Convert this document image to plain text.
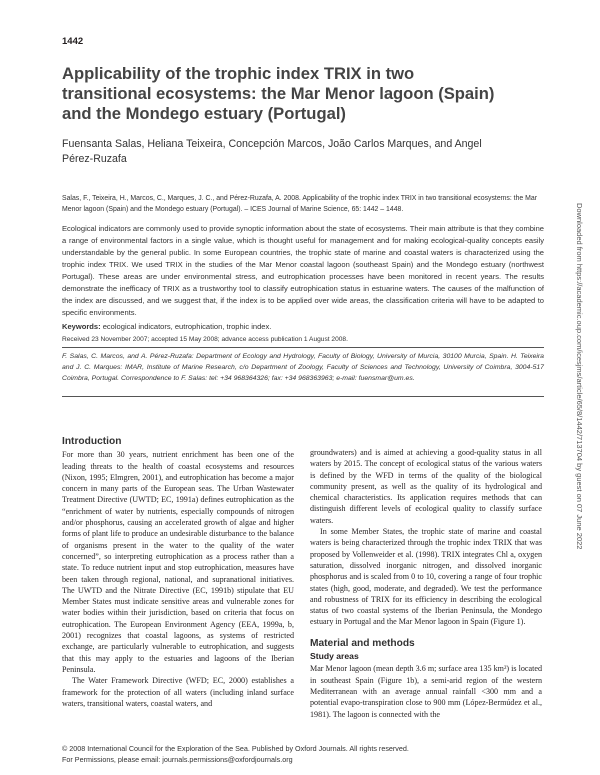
1442
Applicability of the trophic index TRIX in two transitional ecosystems: the Mar Menor lagoon (Spain) and the Mondego estuary (Portugal)
Fuensanta Salas, Heliana Teixeira, Concepción Marcos, João Carlos Marques, and Angel Pérez-Ruzafa
Salas, F., Teixeira, H., Marcos, C., Marques, J. C., and Pérez-Ruzafa, A. 2008. Applicability of the trophic index TRIX in two transitional ecosystems: the Mar Menor lagoon (Spain) and the Mondego estuary (Portugal). – ICES Journal of Marine Science, 65: 1442 – 1448.
Ecological indicators are commonly used to provide synoptic information about the state of ecosystems. Their main attribute is that they combine a range of environmental factors in a single value, which is thought useful for management and for making ecological-quality concepts easily understandable by the general public. In some European countries, the trophic state of marine and coastal waters is characterized using the trophic index TRIX. We used TRIX in the studies of the Mar Menor coastal lagoon (southeast Spain) and the Mondego estuary (northwest Portugal). These areas are under environmental stress, and eutrophication processes have been monitored in recent years. The results demonstrate the inefficacy of TRIX as a trustworthy tool to classify eutrophication status in estuarine waters. The causes of the malfunction of the index are discussed, and we suggest that, if the index is to be applied over wide areas, the classification criteria will have to be adapted to specific environments.
Keywords: ecological indicators, eutrophication, trophic index.
Received 23 November 2007; accepted 15 May 2008; advance access publication 1 August 2008.
F. Salas, C. Marcos, and A. Pérez-Ruzafa: Department of Ecology and Hydrology, Faculty of Biology, University of Murcia, 30100 Murcia, Spain. H. Teixeira and J. C. Marques: IMAR, Institute of Marine Research, c/o Department of Zoology, Faculty of Sciences and Technology, University of Coimbra, 3004-517 Coimbra, Portugal. Correspondence to F. Salas: tel: +34 968364326; fax: +34 968363963; e-mail: fuensmar@um.es.
Introduction

For more than 30 years, nutrient enrichment has been one of the leading threats to the health of coastal ecosystems and resources (Nixon, 1995; Elmgren, 2001), and eutrophication has become a major concern in many parts of the European seas. The Urban Wastewater Treatment Directive (UWTD; EC, 1991a) defines eutrophication as the “enrichment of water by nutrients, especially compounds of nitrogen and/or phosphorus, causing an accelerated growth of algae and higher forms of plant life to produce an undesirable disturbance to the balance of organisms present in the water to the quality of the water concerned”, so interpreting eutrophication as a process rather than a state. To reduce nutrient input and stop eutrophication, measures have been taken through regional, national, and supranational initiatives. The UWTD and the Nitrate Directive (EC, 1991b) stipulate that EU Member States must indicate sensitive areas and vulnerable zones for water bodies within their jurisdiction, based on criteria that focus on eutrophication. The European Environment Agency (EEA, 1999a, b, 2001) recognizes that coastal lagoons, as systems of restricted exchange, are particularly vulnerable to eutrophication, and suggests that this may apply to the estuaries and lagoons of the Iberian Peninsula.

The Water Framework Directive (WFD; EC, 2000) establishes a framework for the protection of all waters (including inland surface waters, transitional waters, coastal waters, and

groundwaters) and is aimed at achieving a good-quality status in all waters by 2015. The concept of ecological status of the various waters is defined by the WFD in terms of the quality of the biological community present, as well as the quality of its hydrological and chemical characteristics. Its application requires methods that can distinguish different levels of ecological quality to classify surface waters.

In some Member States, the trophic state of marine and coastal waters is being characterized through the trophic index TRIX that was proposed by Vollenweider et al. (1998). TRIX integrates Chl a, oxygen saturation, dissolved inorganic nitrogen, and dissolved inorganic phosphorus and is scaled from 0 to 10, covering a range of four trophic states (high, good, moderate, and degraded). We test the performance and robustness of TRIX for its efficiency in describing the ecological status of two coastal systems of the Iberian Peninsula, the Mondego estuary in Portugal and the Mar Menor lagoon in Spain (Figure 1).

Material and methods
Study areas

Mar Menor lagoon (mean depth 3.6 m; surface area 135 km²) is located in southeast Spain (Figure 1b), a semi-arid region of the western Mediterranean with an average annual rainfall <300 mm and a potential evapo-transpiration close to 900 mm (López-Bermúdez et al., 1981). The lagoon is connected with the

© 2008 International Council for the Exploration of the Sea. Published by Oxford Journals. All rights reserved.
For Permissions, please email: journals.permissions@oxfordjournals.org
Downloaded from https://academic.oup.com/icesjms/article/65/8/1442/713704 by guest on 07 June 2022
